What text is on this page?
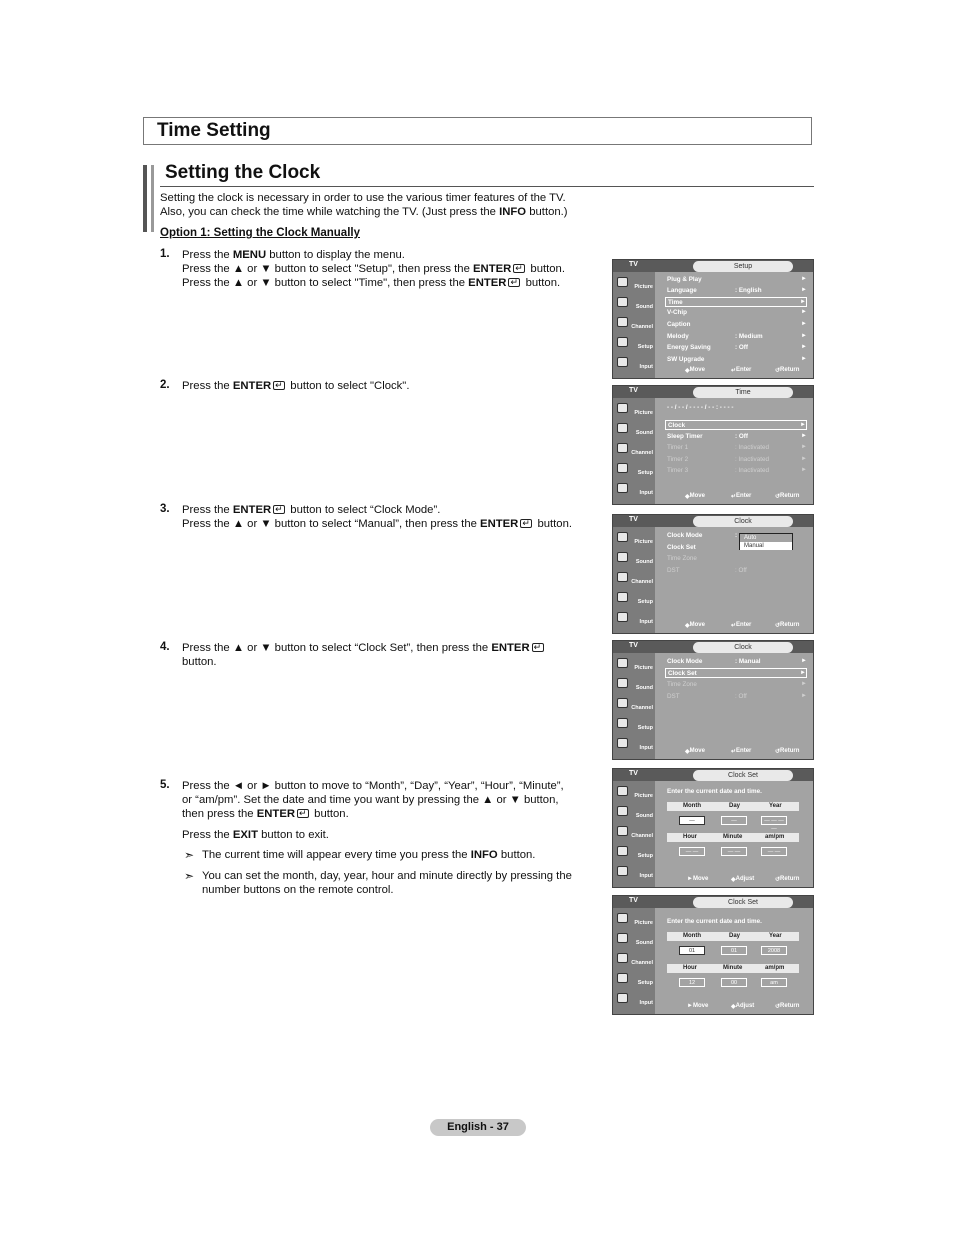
Time Setting
Setting the Clock
Setting the clock is necessary in order to use the various timer features of the TV.
Also, you can check the time while watching the TV. (Just press the INFO button.)
Option 1: Setting the Clock Manually
1. Press the MENU button to display the menu.
Press the ▲ or ▼ button to select "Setup", then press the ENTER↵ button.
Press the ▲ or ▼ button to select "Time", then press the ENTER↵ button.
2. Press the ENTER↵ button to select "Clock".
3. Press the ENTER↵ button to select “Clock Mode”.
Press the ▲ or ▼ button to select “Manual”, then press the ENTER↵ button.
4. Press the ▲ or ▼ button to select “Clock Set”, then press the ENTER↵
button.
5. Press the ◄ or ► button to move to “Month”, “Day”, “Year”, “Hour”, “Minute”,
or “am/pm”. Set the date and time you want by pressing the ▲ or ▼ button,
then press the ENTER↵ button.
Press the EXIT button to exit.
➣ The current time will appear every time you press the INFO button.
➣ You can set the month, day, year, hour and minute directly by pressing the
number buttons on the remote control.
TV	Setup
Picture
Sound
Channel
Setup
Input
Plug & Play	►
Language	: English	►
Time	►
V-Chip	►
Caption	►
Melody	: Medium	►
Energy Saving	: Off	►
SW Upgrade	►
◆ Move	↵ Enter	↺ Return
TV	Time
Picture
Sound
Channel
Setup
Input
- - / - - / - - - - / - - : - - - -
Clock	►
Sleep Timer	: Off	►
Timer 1	: Inactivated	►
Timer 2	: Inactivated	►
Timer 3	: Inactivated	►
◆ Move	↵ Enter	↺ Return
TV	Clock
Picture
Sound
Channel
Setup
Input
Clock Mode	:
Clock Set
Time Zone
DST	: Off
Auto
Manual
◆ Move	↵ Enter	↺ Return
TV	Clock
Picture
Sound
Channel
Setup
Input
Clock Mode	: Manual	►
Clock Set	►
Time Zone	►
DST	: Off	►
◆ Move	↵ Enter	↺ Return
TV	Clock Set
Picture
Sound
Channel
Setup
Input
Enter the current date and time.
Month	Day	Year
—	—	— — — —
Hour	Minute	am/pm
— —	— —	— —
► Move	◆ Adjust	↺ Return
TV	Clock Set
Picture
Sound
Channel
Setup
Input
Enter the current date and time.
Month	Day	Year
01	01	2008
Hour	Minute	am/pm
12	00	am
► Move	◆ Adjust	↺ Return
English - 37
